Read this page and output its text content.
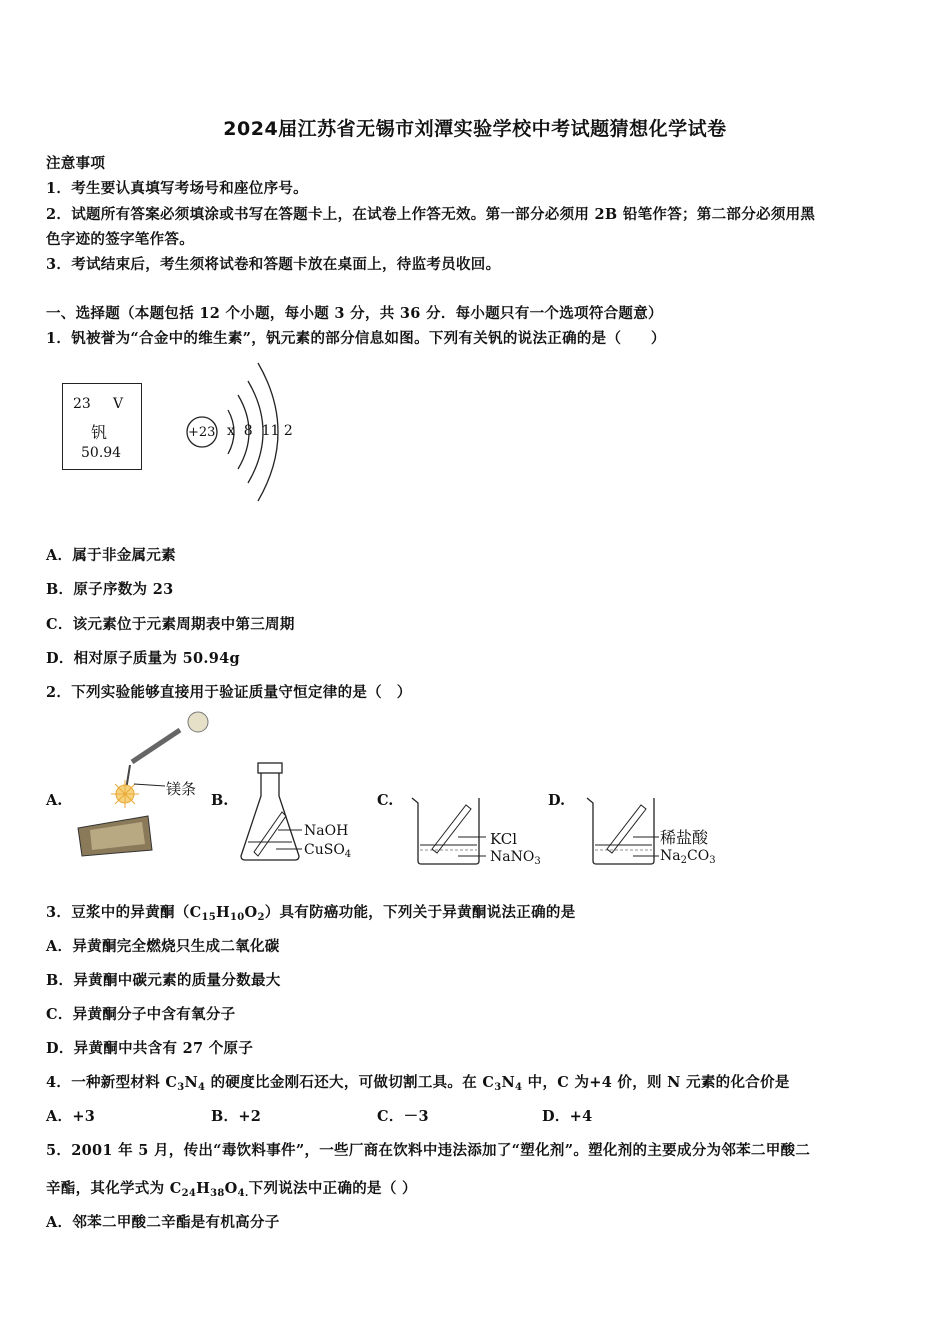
2024届江苏省无锡市刘潭实验学校中考试题猜想化学试卷
注意事项
1．考生要认真填写考场号和座位序号。
2．试题所有答案必须填涂或书写在答题卡上，在试卷上作答无效。第一部分必须用 2B 铅笔作答；第二部分必须用黑
色字迹的签字笔作答。
3．考试结束后，考生须将试卷和答题卡放在桌面上，待监考员收回。
一、选择题（本题包括 12 个小题，每小题 3 分，共 36 分．每小题只有一个选项符合题意）
1．钒被誉为“合金中的维生素”，钒元素的部分信息如图。下列有关钒的说法正确的是（　　）
23 V
钒
50.94
+23 x  8  11 2
A．属于非金属元素
B．原子序数为 23
C．该元素位于元素周期表中第三周期
D．相对原子质量为 50.94g
2．下列实验能够直接用于验证质量守恒定律的是（　）
A.	B.	C.	D.
镁条
NaOH
CuSO$_4$
KCl
NaNO$_3$
稀盐酸
$Na_2CO_3$
3．豆浆中的异黄酮$(C_{15}H_{10}O_2)$具有防癌功能，下列关于异黄酮说法正确的是
A．异黄酮完全燃烧只生成二氧化碳
B．异黄酮中碳元素的质量分数最大
C．异黄酮分子中含有氧分子
D．异黄酮中共含有 27 个原子
4．一种新型材料 $C_3N_4$ 的硬度比金刚石还大，可做切割工具。在 $C_3N_4$ 中，C 为+4 价，则 N 元素的化合价是
A．+3	B．+2	C．－3	D．+4
5．2001 年 5 月，传出“毒饮料事件”，一些厂商在饮料中违法添加了“塑化剂”。塑化剂的主要成分为邻苯二甲酸二
辛酯，其化学式为 $C_{24}H_{38}O_{4.}$下列说法中正确的是（ ）
A．邻苯二甲酸二辛酯是有机高分子
